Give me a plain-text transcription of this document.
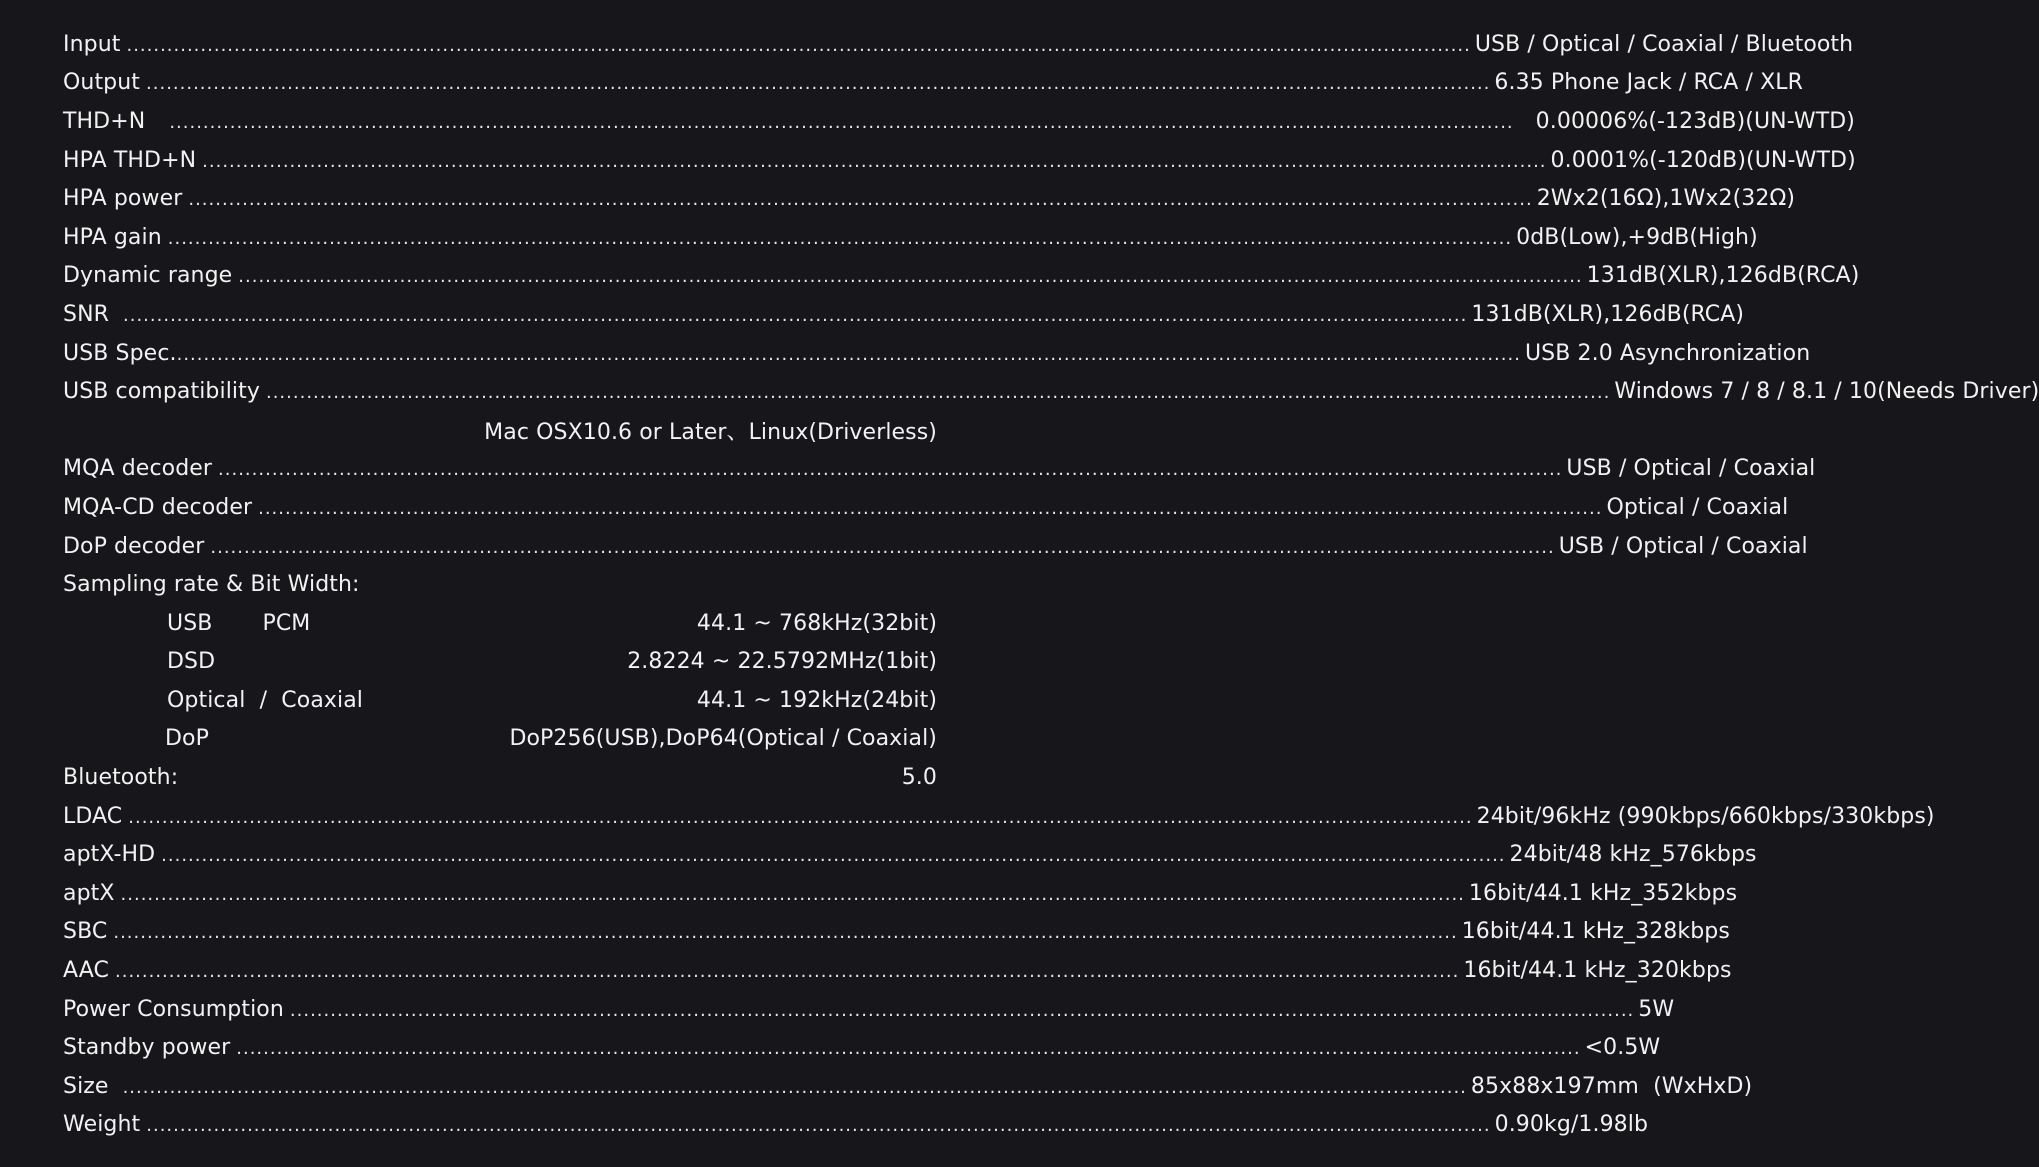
Input ........................................................................................................................................................................................................ USB / Optical / Coaxial / Bluetooth
Output ........................................................................................................................................................................................................ 6.35 Phone Jack / RCA / XLR
THD+N	........................................................................................................................................................................................................ 0.00006%(-123dB)(UN-WTD)
HPA THD+N ........................................................................................................................................................................................................ 0.0001%(-120dB)(UN-WTD)
HPA power ........................................................................................................................................................................................................ 2Wx2(16Ω),1Wx2(32Ω)
HPA gain ........................................................................................................................................................................................................ 0dB(Low),+9dB(High)
Dynamic range ........................................................................................................................................................................................................ 131dB(XLR),126dB(RCA)
SNR ........................................................................................................................................................................................................ 131dB(XLR),126dB(RCA)
USB Spec. ........................................................................................................................................................................................................ USB 2.0 Asynchronization
USB compatibility ........................................................................................................................................................................................................ Windows 7 / 8 / 8.1 / 10(Needs Driver)
Mac OSX10.6 or Later、Linux(Driverless)
MQA decoder ........................................................................................................................................................................................................ USB / Optical / Coaxial
MQA-CD decoder ........................................................................................................................................................................................................ Optical / Coaxial
DoP decoder ........................................................................................................................................................................................................ USB / Optical / Coaxial
Sampling rate & Bit Width:
USB	PCM	44.1 ~ 768kHz(32bit)
DSD	2.8224 ~ 22.5792MHz(1bit)
Optical  /  Coaxial	44.1 ~ 192kHz(24bit)
DoP	DoP256(USB),DoP64(Optical / Coaxial)
Bluetooth:	5.0
LDAC ........................................................................................................................................................................................................ 24bit/96kHz (990kbps/660kbps/330kbps)
aptX-HD ........................................................................................................................................................................................................ 24bit/48 kHz_576kbps
aptX ........................................................................................................................................................................................................ 16bit/44.1 kHz_352kbps
SBC ........................................................................................................................................................................................................ 16bit/44.1 kHz_328kbps
AAC ........................................................................................................................................................................................................ 16bit/44.1 kHz_320kbps
Power Consumption ........................................................................................................................................................................................................ 5W
Standby power ........................................................................................................................................................................................................ <0.5W
Size ........................................................................................................................................................................................................ 85x88x197mm  (WxHxD)
Weight ........................................................................................................................................................................................................ 0.90kg/1.98lb
